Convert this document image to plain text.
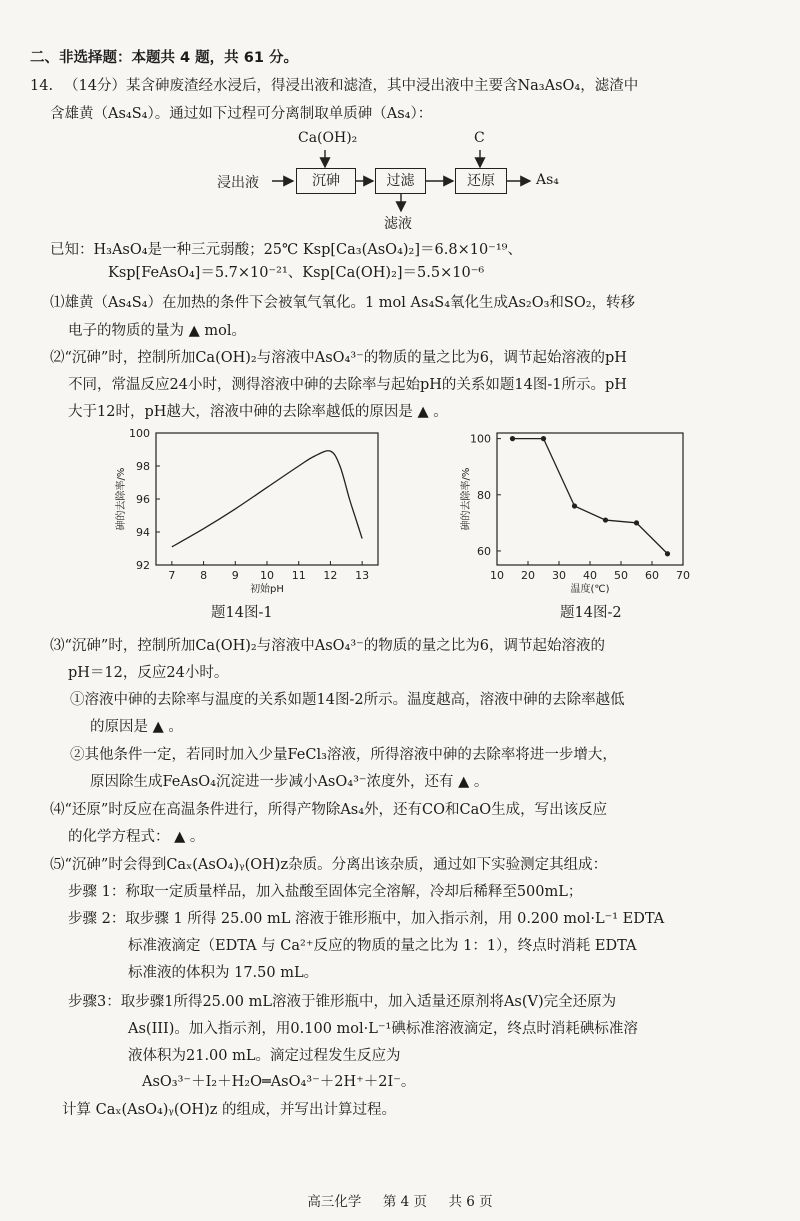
二、非选择题：本题共 4 题，共 61 分。
14. （14分）某含砷废渣经水浸后，得浸出液和滤渣，其中浸出液中主要含Na₃AsO₄，滤渣中
含雄黄（As₄S₄）。通过如下过程可分离制取单质砷（As₄）：
Ca(OH)₂	C
浸出液	沉砷	过滤	还原	As₄
滤液
已知：H₃AsO₄是一种三元弱酸；25℃ Ksp[Ca₃(AsO₄)₂]＝6.8×10⁻¹⁹、
Ksp[FeAsO₄]＝5.7×10⁻²¹、Ksp[Ca(OH)₂]＝5.5×10⁻⁶
⑴雄黄（As₄S₄）在加热的条件下会被氧气氧化。1 mol As₄S₄氧化生成As₂O₃和SO₂，转移
电子的物质的量为 ▲ mol。
⑵“沉砷”时，控制所加Ca(OH)₂与溶液中AsO₄³⁻的物质的量之比为6，调节起始溶液的pH
不同，常温反应24小时，测得溶液中砷的去除率与起始pH的关系如题14图-1所示。pH
大于12时，pH越大，溶液中砷的去除率越低的原因是 ▲ 。
7 8 9 10 11 12 13
92
94
96
98
100
初始pH
砷的去除率/%
题14图-1
10 20 30 40 50 60 70
60
80
100
温度(℃)
砷的去除率/%
题14图-2
⑶“沉砷”时，控制所加Ca(OH)₂与溶液中AsO₄³⁻的物质的量之比为6，调节起始溶液的
pH＝12，反应24小时。
①溶液中砷的去除率与温度的关系如题14图-2所示。温度越高，溶液中砷的去除率越低
的原因是 ▲ 。
②其他条件一定，若同时加入少量FeCl₃溶液，所得溶液中砷的去除率将进一步增大，
原因除生成FeAsO₄沉淀进一步减小AsO₄³⁻浓度外，还有 ▲ 。
⑷“还原”时反应在高温条件进行，所得产物除As₄外，还有CO和CaO生成，写出该反应
的化学方程式： ▲ 。
⑸“沉砷”时会得到Caₓ(AsO₄)ᵧ(OH)z杂质。分离出该杂质，通过如下实验测定其组成：
步骤 1：称取一定质量样品，加入盐酸至固体完全溶解，冷却后稀释至500mL；
步骤 2：取步骤 1 所得 25.00 mL 溶液于锥形瓶中，加入指示剂，用 0.200 mol·L⁻¹ EDTA
标准液滴定（EDTA 与 Ca²⁺反应的物质的量之比为 1：1），终点时消耗 EDTA
标准液的体积为 17.50 mL。
步骤3：取步骤1所得25.00 mL溶液于锥形瓶中，加入适量还原剂将As(V)完全还原为
As(III)。加入指示剂，用0.100 mol·L⁻¹碘标准溶液滴定，终点时消耗碘标准溶
液体积为21.00 mL。滴定过程发生反应为
AsO₃³⁻＋I₂＋H₂O═AsO₄³⁻＋2H⁺＋2I⁻。
计算 Caₓ(AsO₄)ᵧ(OH)z 的组成，并写出计算过程。
高三化学 第 4 页 共 6 页
